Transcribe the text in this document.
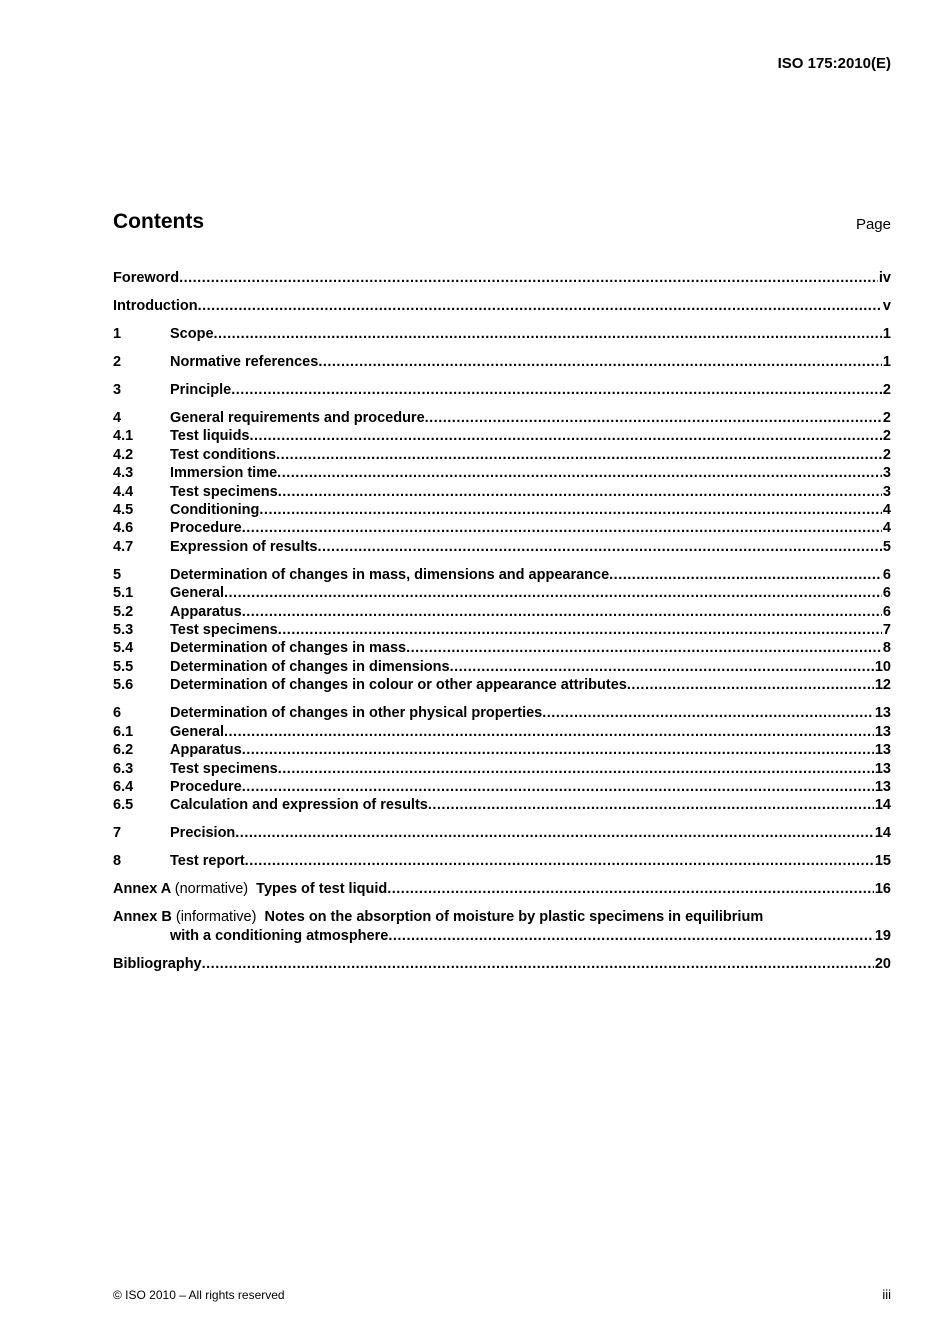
ISO 175:2010(E)
Contents	Page
Foreword .....	iv
Introduction .....	v
1	Scope .....	1
2	Normative references .....	1
3	Principle .....	2
4	General requirements and procedure .....	2
4.1	Test liquids .....	2
4.2	Test conditions .....	2
4.3	Immersion time .....	3
4.4	Test specimens .....	3
4.5	Conditioning .....	4
4.6	Procedure .....	4
4.7	Expression of results .....	5
5	Determination of changes in mass, dimensions and appearance .....	6
5.1	General .....	6
5.2	Apparatus .....	6
5.3	Test specimens .....	7
5.4	Determination of changes in mass .....	8
5.5	Determination of changes in dimensions .....	10
5.6	Determination of changes in colour or other appearance attributes .....	12
6	Determination of changes in other physical properties .....	13
6.1	General .....	13
6.2	Apparatus .....	13
6.3	Test specimens .....	13
6.4	Procedure .....	13
6.5	Calculation and expression of results .....	14
7	Precision .....	14
8	Test report .....	15
Annex A (normative) Types of test liquid .....	16
Annex B (informative) Notes on the absorption of moisture by plastic specimens in equilibrium
with a conditioning atmosphere .....	19
Bibliography .....	20
© ISO 2010 – All rights reserved	iii
